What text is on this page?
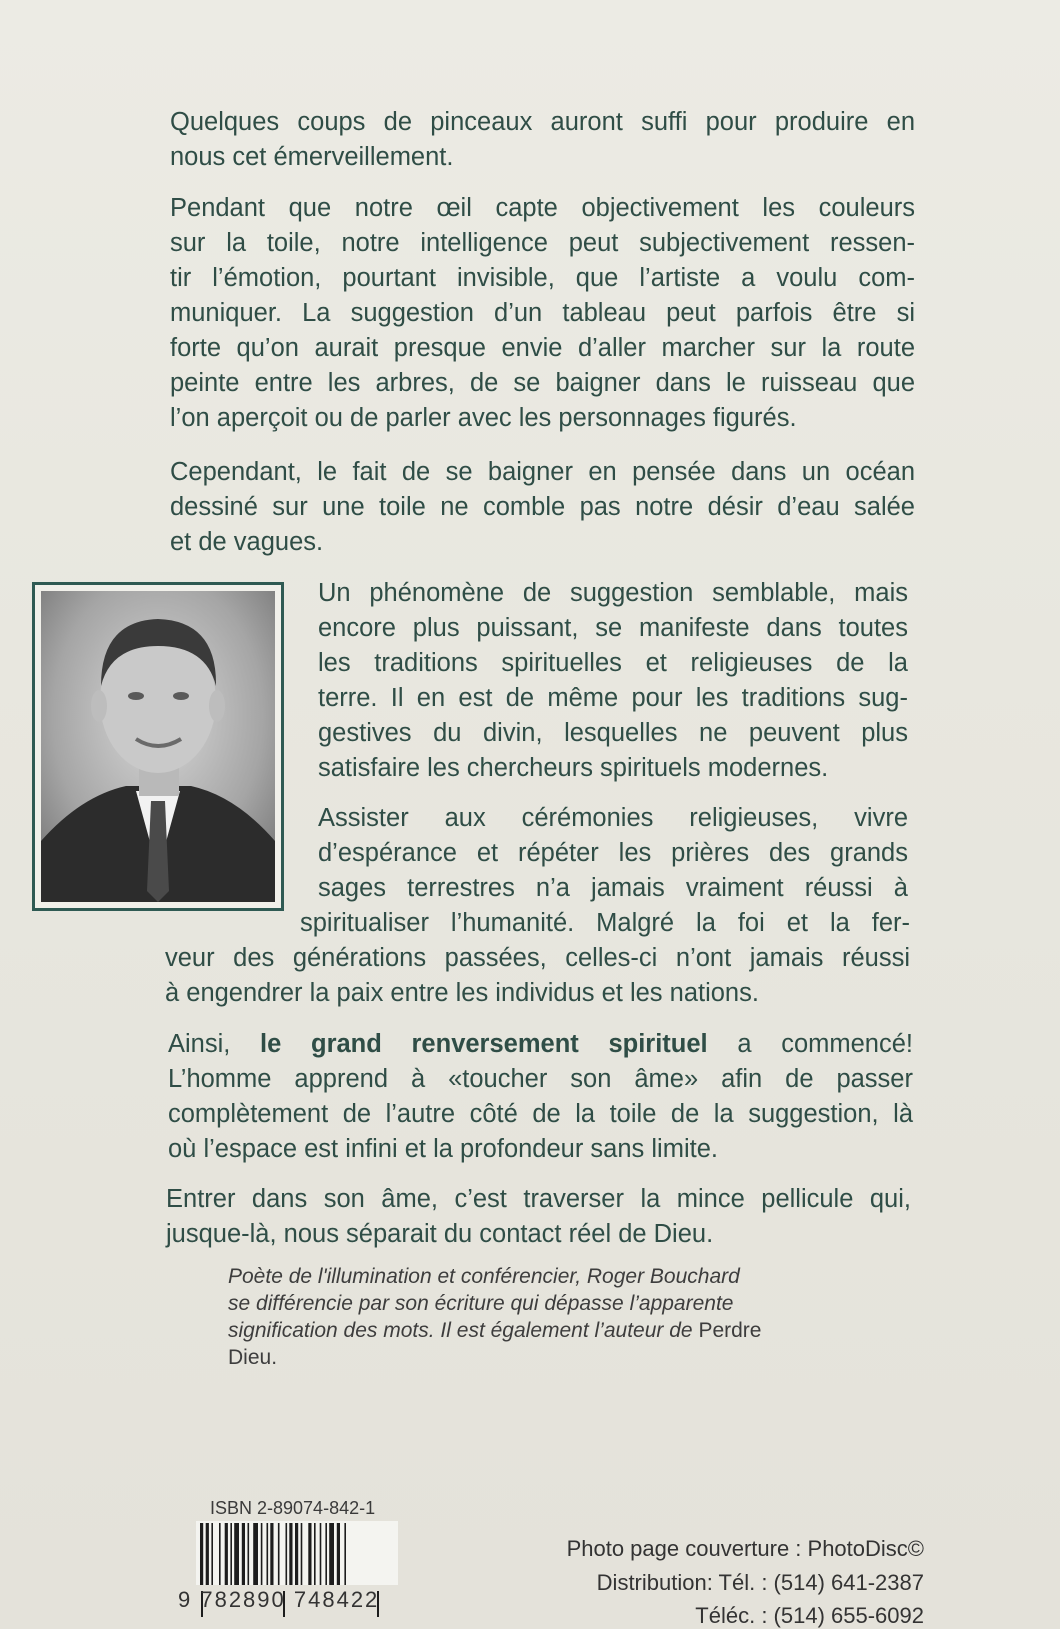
Quelques coups de pinceaux auront suffi pour produire en
nous cet émerveillement.
Pendant que notre œil capte objectivement les couleurs
sur la toile, notre intelligence peut subjectivement ressen-
tir l’émotion, pourtant invisible, que l’artiste a voulu com-
muniquer. La suggestion d’un tableau peut parfois être si
forte qu’on aurait presque envie d’aller marcher sur la route
peinte entre les arbres, de se baigner dans le ruisseau que
l’on aperçoit ou de parler avec les personnages figurés.
Cependant, le fait de se baigner en pensée dans un océan
dessiné sur une toile ne comble pas notre désir d’eau salée
et de vagues.
Un phénomène de suggestion semblable, mais
encore plus puissant, se manifeste dans toutes
les traditions spirituelles et religieuses de la
terre. Il en est de même pour les traditions sug-
gestives du divin, lesquelles ne peuvent plus
satisfaire les chercheurs spirituels modernes.
Assister aux cérémonies religieuses, vivre
d’espérance et répéter les prières des grands
sages terrestres n’a jamais vraiment réussi à
spiritualiser l’humanité. Malgré la foi et la fer-
veur des générations passées, celles-ci n’ont jamais réussi
à engendrer la paix entre les individus et les nations.
Ainsi, le grand renversement spirituel a commencé!
L’homme apprend à «toucher son âme» afin de passer
complètement de l’autre côté de la toile de la suggestion, là
où l’espace est infini et la profondeur sans limite.
Entrer dans son âme, c’est traverser la mince pellicule qui,
jusque-là, nous séparait du contact réel de Dieu.
Poète de l'illumination et conférencier, Roger Bouchard
se différencie par son écriture qui dépasse l’apparente
signification des mots. Il est également l’auteur de Perdre
Dieu.
ISBN 2-89074-842-1
9 782890 748422
Photo page couverture : PhotoDisc©
Distribution: Tél. : (514) 641-2387
Téléc. : (514) 655-6092
